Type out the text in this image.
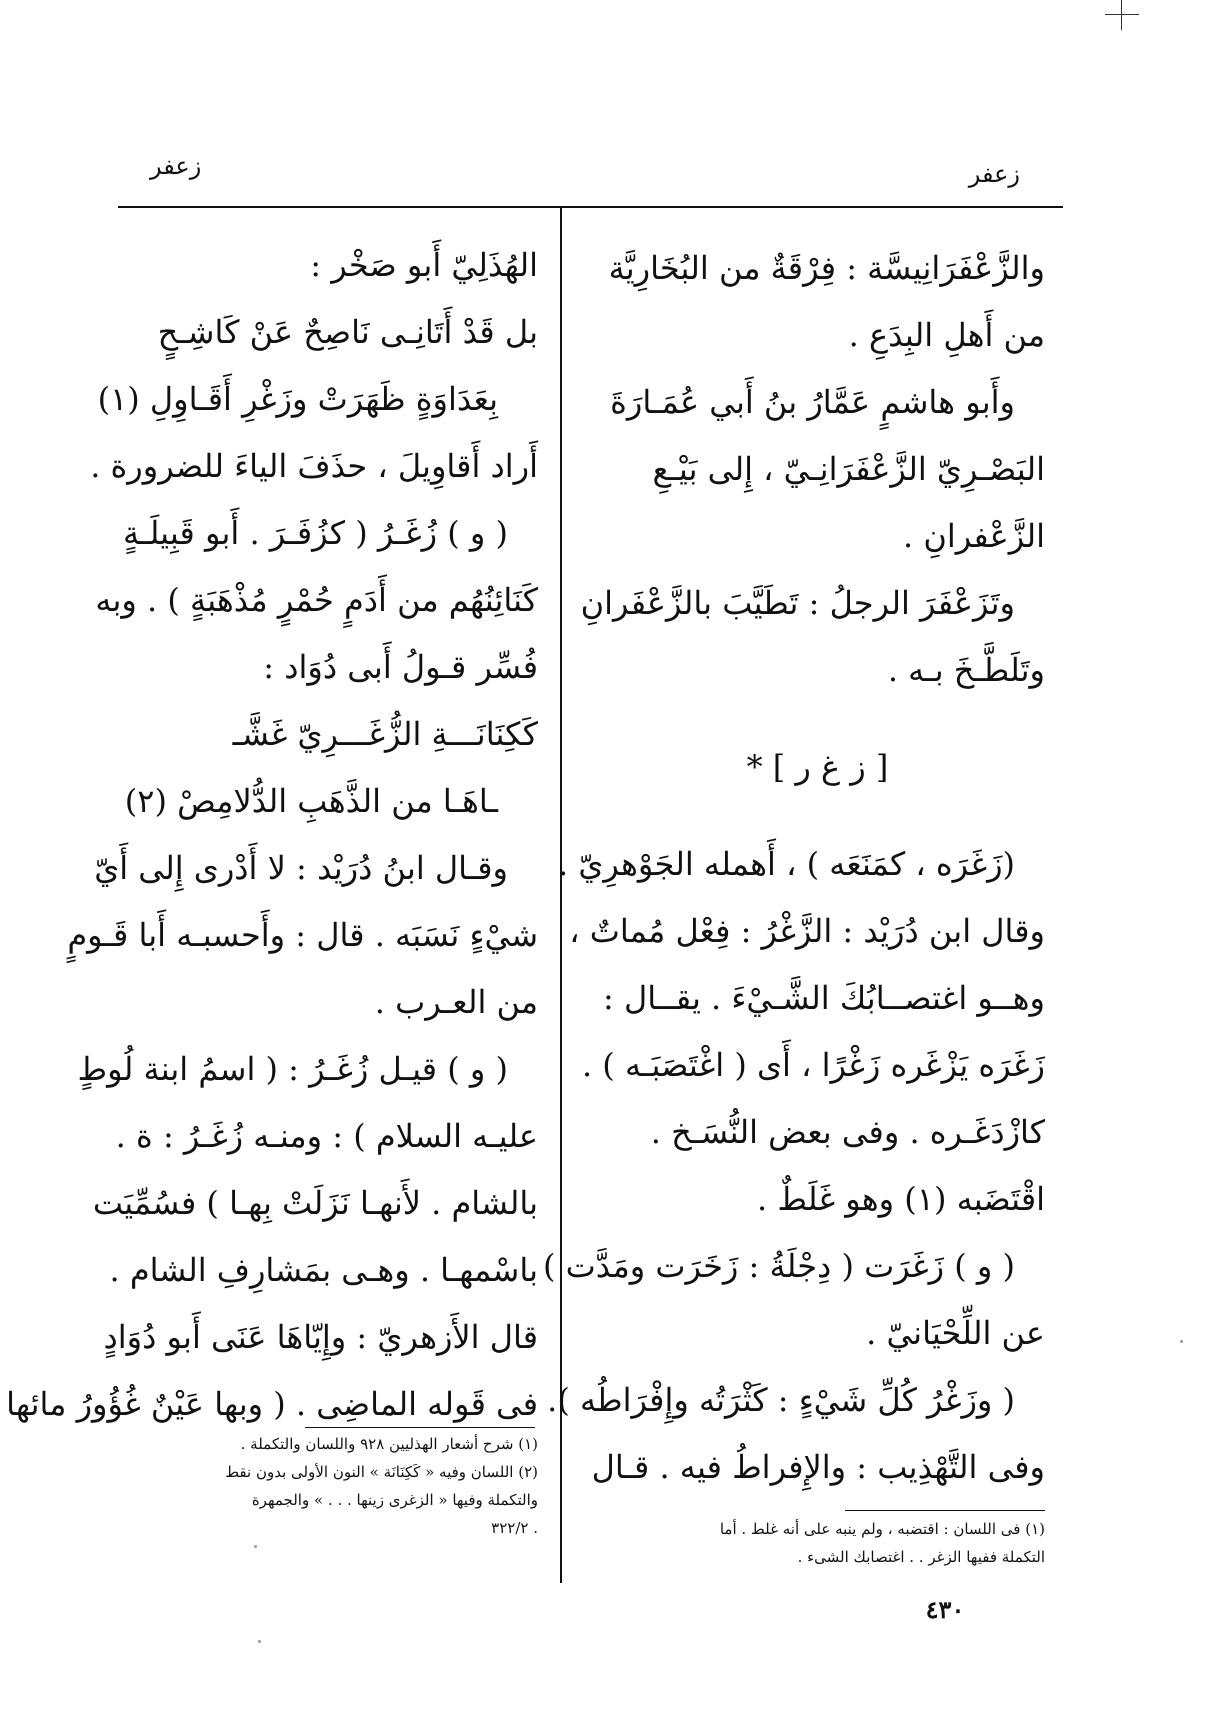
زعفر	زعفر
والزَّعْفَرَانِيسَّة : فِرْقَةٌ من البُخَارِيَّة
من أَهلِ البِدَعِ .
وأَبو هاشمٍ عَمَّارُ بنُ أَبي عُمَـارَةَ
البَصْـرِيّ الزَّعْفَرَانِـيّ ، إِلى بَيْـعِ
الزَّعْفرانِ .
وتَزَعْفَرَ الرجلُ : تَطَيَّبَ بالزَّعْفَرانِ
وتَلَطَّـخَ بـه .
[ ز غ ر ] *
(زَغَرَه ، كمَنَعَه ) ، أَهمله الجَوْهرِيّ .
وقال ابن دُرَيْد : الزَّغْرُ : فِعْل مُماتٌ ،
وهــو اغتصــابُكَ الشَّـيْءَ . يقــال :
زَغَرَه يَزْغَره زَغْرًا ، أَى ( اغْتَصَبَـه ) .
كازْدَغَـره . وفى بعض النُّسَـخ .
اقْتَضَبه (١) وهو غَلَطٌ .
( و ) زَغَرَت ( دِجْلَةُ : زَخَرَت ومَدَّت )
عن اللِّحْيَانيّ .
( وزَغْرُ كُلِّ شَيْءٍ : كَثْرَتُه وإِفْرَاطُه ).
وفى التَّهْذِيب : والإِفراطُ فيه . قـال
الهُذَلِيّ أَبو صَخْر :
بل قَدْ أَتَانِـى نَاصِحٌ عَنْ كَاشِـحٍ
بِعَدَاوَةٍ ظَهَرَتْ وزَغْرِ أَقَـاوِلِ (١)
أَراد أَقاوِيلَ ، حذَفَ الياءَ للضرورة .
( و ) زُغَـرُ ( كزُفَـرَ . أَبو قَبِيلَـةٍ
كَنَائِنُهُم من أَدَمٍ حُمْرٍ مُذْهَبَةٍ ) . وبه
فُسِّر قـولُ أَبى دُوَاد :
كَكِنَانَـــةِ الزُّغَـــرِيّ غَشَّـ
ـاهَـا من الذَّهَبِ الدُّلامِصْ (٢)
وقـال ابنُ دُرَيْد : لا أَدْرى إِلى أَيّ
شيْءٍ نَسَبَه . قال : وأَحسبـه أَبا قَـومٍ
من العـرب .
( و ) قيـل زُغَـرُ : ( اسمُ ابنة لُوطٍ
عليـه السلام ) : ومنـه زُغَـرُ : ة .
بالشام . لأَنهـا نَزَلَتْ بِهـا ) فسُمِّيَت
باسْمهـا . وهـى بمَشارِفِ الشام .
قال الأَزهريّ : وإِيّاهَا عَنَى أَبو دُوَادٍ
فى قَوله الماضِى . ( وبها عَيْنٌ غُؤُورُ مائها
(١) شرح أشعار الهذليين ٩٢٨ واللسان والتكملة .
(٢) اللسان وفيه « كَكِنَانَة » النون الأولى بدون نقط
والتكملة وفيها « الزغرى زينها . . . » والجمهرة
. ٣٢٢/٢	(١) فى اللسان : اقتضبه ، ولم ينبه على أنه غلط . أما
التكملة ففيها الزغر . . اغتصابك الشىء .
٤٣٠
